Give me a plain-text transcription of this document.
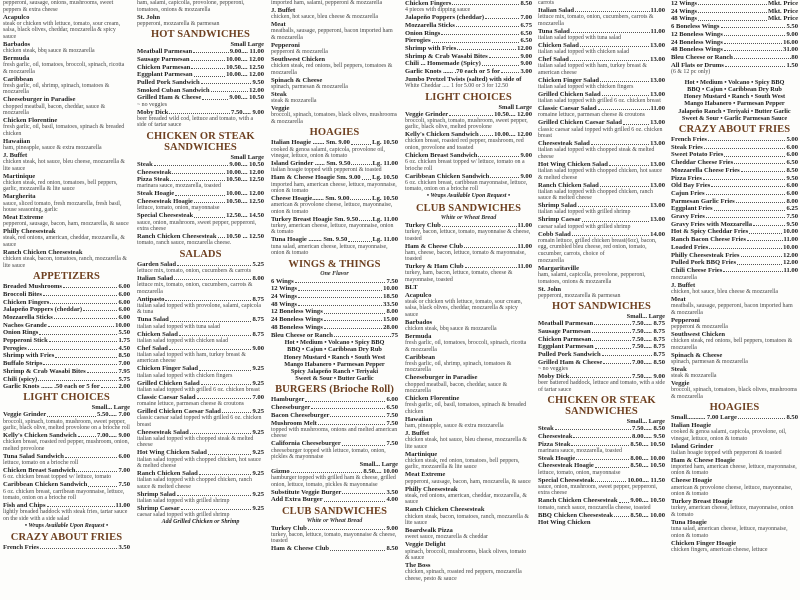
pepperoni, sausage, onions, mushrooms, sweet peppers & extra cheese
Acapulco
steak or chicken with lettuce, tomato, sour cream, salsa, black olives, cheddar, mozzarella & spicy sauce
Barbados
chicken steak, bbq sauce & mozzarella
Bermuda
fresh garlic, oil, tomatoes, broccoli, spinach, ricotta & mozzarella
Caribbean
fresh garlic, oil, shrimp, spinach, tomatoes & mozzarella
Cheeseburger in Paradise
chopped meatball, bacon, cheddar, sauce & mozzarella
Chicken Florentine
fresh garlic, oil, basil, tomatoes, spinach & breaded chicken
Hawaiian
ham, pineapple, sauce & extra mozzarella
J. Buffet
chicken steak, hot sauce, bleu cheese, mozzarella & lite sauce
Martinique
chicken steak, red onion, tomatoes, bell peppers, garlic, mozzarella & lite sauce
Margherita
sauce, sliced tomato, fresh mozzarella, fresh basil, house seasoning, garlic
Meat Extreme
pepperoni, sausage, bacon, ham, mozzarella, & sauce
Philly Cheesesteak
steak, red onions, american, cheddar, mozzarella, & sauce
Ranch Chicken Cheesesteak
chicken steak, bacon, tomatoes, ranch, mozzarella & lite sauce
APPETIZERS
Breaded Mushrooms	6.00
Broccoli Bites	6.00
Chicken Fingers	6.00
Jalapeño Poppers (cheddar)	6.00
Mozzarella Sticks	6.00
Nachos Grande	10.00
Onion Rings	5.50
Pepperoni Stick	1.75
Perogies	4.50
Shrimp with Fries	8.50
Buffalo Strips	7.00
Shrimp & Crab Wasabi Bites	7.95
Chili (spicy)	5.75
Garlic Knots ....... .50 each or 5 for	2.00
LIGHT CHOICES
Small... Large
Veggie Grinder	5.50..... 7.00
broccoli, spinach, tomato, mushroom, sweet pepper, garlic, black olive, melted provolone on a brioche roll
Kelly's Chicken Sandwich	7.00..... 9.00
chicken breast, roasted red pepper, mushroom, onion, melted provolone
Tuna Salad Sandwich	6.00
lettuce, tomato on a brioche roll
Chicken Breast Sandwich	7.00
6 oz. chicken breast topped w/ lettuce, tomato
Caribbean Chicken Sandwich	7.50
6 oz. chicken breast, carribean mayonnaise, lettuce, tomato, onion on a brioche roll
Fish and Chips	11.00
lightly breaded haddock with steak fries, tartar sauce on the side with a side salad
• Wraps Available Upon Request •
CRAZY ABOUT FRIES
French Fries	3.50
ham, salami, capicolla, provolone, pepperoni, tomatoes, onions & mozzarella
St. John
pepperoni, mozzarella & parmesan
HOT SANDWICHES
Small Large
Meatball Parmesan	9.00.... 11.00
Sausage Parmesan	10.00.... 12.00
Chicken Parmesan	10.50.... 12.50
Eggplant Parmesan	10.00.... 12.00
Pulled Pork Sandwich	9.50
Smoked Cuban Sandwich	12.00
Grilled Ham & Cheese	9.00.... 10.50
~ no veggies
Moby Dick	7.50..... 9.00
beer breaded wild cod, lettuce and tomato, with a side of tartar sauce
CHICKEN OR STEAK SANDWICHES
Small Large
Steak	9.00.... 10.50
Cheesesteak	10.00.... 12.00
Pizza Steak	10.50.... 12.50
marinara sauce, mozzarella, toasted
Steak Hoagie	10.00.... 12.00
Cheesesteak Hoagie	10.50.... 12.50
lettuce, tomato, onion, mayonnaise
Special Cheesesteak	12.50.... 14.50
sauce, onion, mushroom, sweet pepper, pepperoni, extra cheese
Ranch Chicken Cheesesteak 10.50 ... 12.50
tomato, ranch sauce, mozzarella cheese.
SALADS
Garden Salad	5.25
lettuce mix, tomato, onion, cucumbers & carrots
Italian Salad	8.00
lettuce mix, tomato, onion, cucumbers, carrots & mozzarella
Antipasto	8.75
italian salad topped with provolone, salami, capicola & tuna
Tuna Salad	8.75
italian salad topped with tuna salad
Chicken Salad	8.75
italian salad topped with chicken salad
Chef Salad	9.00
italian salad topped with ham, turkey breast & american cheese
Chicken Finger Salad	9.25
italian salad topped with chicken fingers
Grilled Chicken Salad	9.25
italian salad topped with grilled 6 oz. chicken breast
Classic Caesar Salad	7.00
romaine lettuce, parmesan cheese & croutons
Grilled Chicken Caesar Salad	9.25
classic caesar salad topped with grilled 6 oz. chicken breast
Cheesesteak Salad	9.25
italian salad topped with chopped steak & melted cheese
Hot Wing Chicken Salad	9.25
italian salad topped with chopped chicken, hot sauce & melted cheese
Ranch Chicken Salad	9.25
italian salad topped with chopped chicken, ranch sauce & melted cheese
Shrimp Salad	9.25
italian salad topped with grilled shrimp
Shrimp Caesar	9.25
caesar salad topped with grilled shrimp
Add Grilled Chicken or Shrimp
imported ham, salami, pepperoni & mozzarella
J. Buffet
chicken, hot sauce, bleu cheese & mozzarella
Meat
meatballs, sausage, pepperoni, bacon imported ham & mozzarella
Pepperoni
pepperoni & mozzarella
Southwest Chicken
chicken steak, red onions, bell peppers, tomatoes & mozzarella
Spinach & Cheese
spinach, parmesan & mozzarella
Steak
steak & mozzarella
Veggie
broccoli, spinach, tomatoes, black olives, mushrooms & mozzarella
HOAGIES
Italian Hoagie ....... Sm. 9.00	Lg. 10.50
cooked & genoa salami, capicola, provolone oil, vinegar, lettuce, onion & tomato
Island Grinder ...... Sm. 9.50	Lg. 11.00
italian hoagie topped with pepperoni & toasted
Ham & Cheese Hoagie Sm. 9.00 Lg. 10.50
imported ham, american cheese, lettuce, mayonnaise, onion & tomato
Cheese Hoagie....... Sm. 9.00	Lg. 10.50
american & provolone cheese, lettuce, mayonnaise, onion & tomato
Turkey Breast Hoagie Sm. 9.50 Lg. 11.00
turkey, american cheese, lettuce, mayonnaise, onion & tomato
Tuna Hoagie ........ Sm. 9.50	Lg. 11.00
tuna salad, american cheese, lettuce, mayonnaise, onion & tomato
WINGS & THINGS
One Flavor
6 Wings	7.50
12 Wings	10.00
24 Wings	18.50
48 Wings	33.50
12 Boneless Wings	8.00
24 Boneless Wings	15.00
48 Boneless Wings	28.00
Bleu Cheese or Ranch	.75
Hot • Medium • Volcano • Spicy BBQ
BBQ • Cajun • Caribbean Dry Rub
Honey Mustard • Ranch • South West
Mango Habanero • Parmesan Pepper
Spicy Jalapeño Ranch • Teriyaki
Sweet & Sour • Butter Garlic
BURGERS (Brioche Roll)
Hamburger	6.00
Cheeseburger	6.50
Bacon Cheeseburger	7.50
Mushroom Melt	7.50
topped with mushrooms, onions and melted american cheese
California Cheeseburger	7.50
cheeseburger topped with lettuce, tomato, onion, pickles & mayonnaise
Small... Large
Gizmo	8.50.... 10.00
hamburger topped with grilled ham & cheese, grilled onion, lettuce, tomato, pickles & mayonnaise
Substitute Veggie Burger	3.50
Add Extra Burger	4.00
CLUB SANDWICHES
White or Wheat Bread
Turkey Club	9.00
turkey, bacon, lettuce, tomato, mayonnaise & cheese, toasted
Ham & Cheese Club	8.50
Chicken Fingers	8.50
4 pieces with dipping sauce
Jalapeño Poppers (cheddar)	7.00
Mozzarella Sticks	6.75
Onion Rings	6.50
Pierogies	6.50
Shrimp with Fries	12.00
Shrimp & Crab Wasabi Bites	9.00
Chili ... Homemade (Spicy)	9.00
Garlic Knots ...... .70 each or 5 for	3.00
Jumbo Pretzel Twists (salted) with side of
White Cheddar ..... 1 for 5.00 or 3 for 12.50
LIGHT CHOICES
Small Large
Veggie Grinder	10.50.... 12.00
broccoli, spinach, tomato, mushroom, sweet pepper, garlic, black olive, melted provolone
Kelly's Chicken Sandwich 10.00.... 12.00
chicken breast, roasted red pepper, mushroom, red onion, provolone and toasted
Chicken Breast Sandwich	9.00
6 oz. chicken breast topped w/ lettuce, tomato on a brioche roll
Caribbean Chicken Sandwich	9.00
6 oz. chicken breast, caribbean mayonnaise, lettuce, tomato, onion on a brioche roll
• Wraps Available Upon Request •
CLUB SANDWICHES
White or Wheat Bread
Turkey Club	11.00
turkey, bacon, lettuce, tomato, mayonnaise & cheese, toasted
Ham & Cheese Club	11.00
ham, cheese, bacon, lettuce, tomato & mayonnaise, toasted
Turkey & Ham Club	11.00
turkey, ham, bacon, lettuce, tomato, cheese & mayonnaise, toasted
BLT
Acapulco
steak or chicken with lettuce, tomato, sour cream, salsa, black olives, cheddar, mozzarella & spicy sauce
Barbados
chicken steak, bbq sauce & mozzarella
Bermuda
fresh garlic, oil, tomatoes, broccoli, spinach, ricotta & mozzarella
Caribbean
fresh garlic, oil, shrimp, spinach, tomatoes & mozzarella
Cheeseburger in Paradise
chopped meatball, bacon, cheddar, sauce & mozzarella
Chicken Florentine
fresh garlic, oil, basil, tomatoes, spinach & breaded chicken
Hawaiian
ham, pineapple, sauce & extra mozzarella
J. Buffet
chicken steak, hot sauce, bleu cheese, mozzarella & lite sauce
Martinique
chicken steak, red onion, tomatoes, bell peppers, garlic, mozzarella & lite sauce
Meat Extreme
pepperoni, sausage, bacon, ham, mozzarella, & sauce
Philly Cheesesteak
steak, red onions, american, cheddar, mozzarella, & sauce
Ranch Chicken Cheesesteak
chicken steak, bacon, tomatoes, ranch, mozzarella & lite sauce
Boardwalk Pizza
sweet sauce, mozzarella & cheddar
Veggie Delight
spinach, broccoli, mushrooms, black olives, tomato & sauce
The Boss
chicken, spinach, roasted red peppers, mozzarella cheese, pesto & sauce
carrots
Italian Salad	11.00
lettuce mix, tomato, onion, cucumbers, carrots & mozzarella
Tuna Salad	11.00
italian salad topped with tuna salad
Chicken Salad	13.00
italian salad topped with chicken salad
Chef Salad	13.00
italian salad topped with ham, turkey breast & american cheese
Chicken Finger Salad	13.00
italian salad topped with chicken fingers
Grilled Chicken Salad	13.00
italian salad topped with grilled 6 oz. chicken breast
Classic Caesar Salad	11.00
romaine lettuce, parmesan cheese & croutons
Grilled Chicken Caesar Salad	13.00
classic caesar salad topped with grilled 6 oz. chicken breast
Cheesesteak Salad	13.00
italian salad topped with chopped steak & melted cheese
Hot Wing Chicken Salad	13.00
italian salad topped with chopped chicken, hot sauce & melted cheese
Ranch Chicken Salad	13.00
italian salad topped with chopped chicken, ranch sauce & melted cheese
Shrimp Salad	13.00
italian salad topped with grilled shrimp
Shrimp Caesar	13.00
caesar salad topped with grilled shrimp
Cobb Salad	14.00
romain lettuce, grilled chicken breast(6oz), bacon, egg, crumbled bleu cheese, red onion, tomato, cucumber, carrots, choice of
mozzarella
Margaritaville
ham, salami, capicolla, provolone, pepperoni, tomatoes, onions & mozzarella
St. John
pepperoni, mozzarella & parmesan
HOT SANDWICHES
Small... Large
Meatball Parmesan	7.50..... 8.75
Sausage Parmesan	7.50..... 8.75
Chicken Parmesan	7.50..... 8.75
Eggplant Parmesan	7.50..... 8.75
Pulled Pork Sandwich	8.75
Grilled Ham & Cheese	7.00..... 8.50
~ no veggies
Moby Dick	7.50..... 9.00
beer battered haddock, lettuce and tomato, with a side of tartar sauce
CHICKEN OR STEAK SANDWICHES
Small... Large
Steak	7.50..... 8.50
Cheesesteak	8.00..... 9.50
Pizza Steak	8.50.... 10.50
marinara sauce, mozzarella, toasted
Steak Hoagie	8.00.... 10.00
Cheesesteak Hoagie	8.50.... 10.50
lettuce, tomato, onion, mayonnaise
Special Cheesesteak	10.00.... 11.50
sauce, onion, mushroom, sweet pepper, pepperoni, extra cheese
Ranch Chicken Cheesesteak 9.00.... 10.50
tomato, ranch sauce, mozzarella cheese, toasted
BBQ Chicken Cheesesteak	8.50.... 10.00
Hot Wing Chicken
12 Wings	Mkt. Price
24 Wings	Mkt. Price
48 Wings	Mkt. Price
6 Boneless Wings	5.50
12 Boneless Wings	9.00
24 Boneless Wings	16.00
48 Boneless Wings	31.00
Bleu Cheese or Ranch	.80
All Flats or Drums	1.50
(6 & 12 pc only)
Hot • Medium • Volcano • Spicy BBQ
BBQ • Cajun • Caribbean Dry Rub
Honey Mustard • Ranch • South West
Mango Habanero • Parmesan Pepper
Jalapeño Ranch • Teriyaki • Butter Garlic
Sweet & Sour • Garlic Parmesan Sauce
CRAZY ABOUT FRIES
French Fries	5.00
Steak Fries	6.00
Sweet Potato Fries	6.00
Cheddar Cheese Fries	6.50
Mozzarella Cheese Fries	8.50
Pizza Fries	9.50
Old Bay Fries	6.00
Cajun Fries	6.00
Parmesan Garlic Fries	8.00
Eggplant Fries	6.25
Gravy Fries	7.50
Gravy Fries with Mozzarella	9.50
Hot & Spicy Cheddar Fries	10.00
Ranch Bacon Cheese Fries	11.00
Loaded Fries	10.00
Philly Cheesesteak Fries	12.00
Pulled Pork BBQ Fries	12.00
Chili Cheese Fries	11.00
mozzarella
J. Buffet
chicken, hot sauce, bleu cheese & mozzarella
Meat
meatballs, sausage, pepperoni, bacon imported ham & mozzarella
Pepperoni
pepperoni & mozzarella
Southwest Chicken
chicken steak, red onions, bell peppers, tomatoes & mozzarella
Spinach & Cheese
spinach, parmesan & mozzarella
Steak
steak & mozzarella
Veggie
broccoli, spinach, tomatoes, black olives, mushrooms & mozzarella
HOAGIES
Small........... 7.00 Large	8.50
Italian Hoagie
cooked & genoa salami, capicola, provolone, oil, vinegar, lettuce, onion & tomato
Island Grinder
italian hoagie topped with pepperoni & toasted
Ham & Cheese Hoagie
imported ham, american cheese, lettuce, mayonnaise, onion & tomato
Cheese Hoagie
american & provolone cheese, lettuce, mayonnaise, onion & tomato
Turkey Breast Hoagie
turkey, american cheese, lettuce, mayonnaise, onion & tomato
Tuna Hoagie
tuna salad, american cheese, lettuce, mayonnaise, onion & tomato
Chicken Finger Hoagie
chicken fingers, american cheese, lettuce
